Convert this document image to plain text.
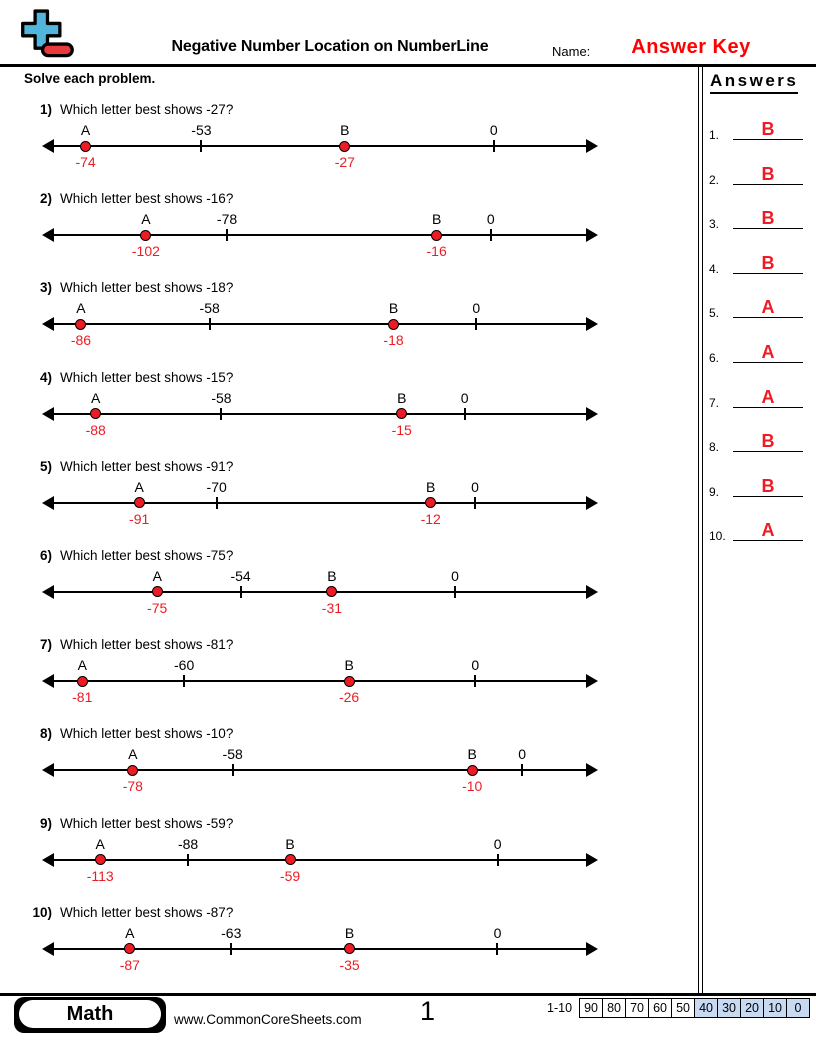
Negative Number Location on NumberLine	Name:	Answer Key
Solve each problem.
1) Which letter best shows -27?
A
-74
-53	B
-27
0
2) Which letter best shows -16?
A
-102
-78	B
-16
0
3) Which letter best shows -18?
A
-86
-58	B
-18
0
4) Which letter best shows -15?
A
-88
-58	B
-15
0
5) Which letter best shows -91?
A
-91
-70	B
-12
0
6) Which letter best shows -75?
A
-75
-54	B
-31
0
7) Which letter best shows -81?
A
-81
-60	B
-26
0
8) Which letter best shows -10?
A
-78
-58	B
-10
0
9) Which letter best shows -59?
A
-113
-88	B
-59
0
10) Which letter best shows -87?
A
-87
-63	B
-35
0
Answers
1. B
2. B
3. B
4. B
5. A
6. A
7. A
8. B
9. B
10. A
Math	www.CommonCoreSheets.com 1	1-10 90 80 70 60 50 40 30 20 10	0
